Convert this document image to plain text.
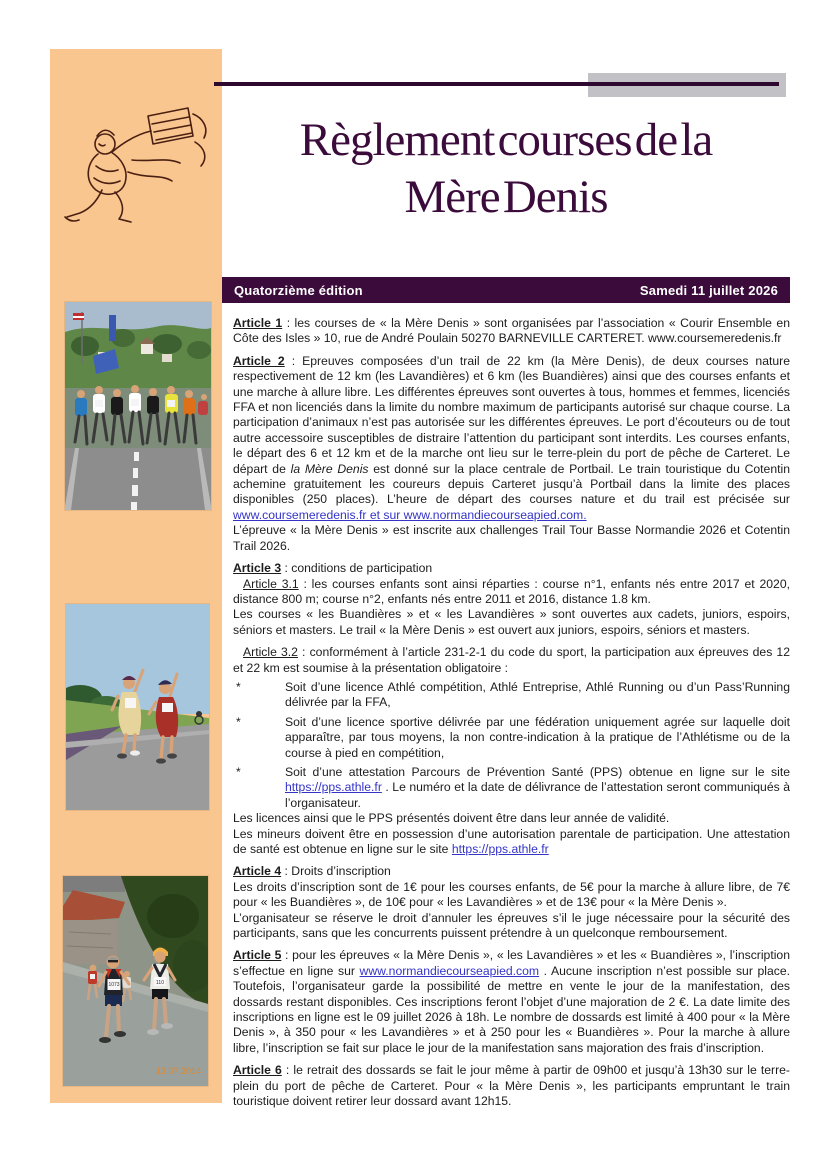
1073	110
13.07.2014
Règlement courses de la
Mère Denis
Quatorzième édition	Samedi 11 juillet 2026

Article 1 : les courses de « la Mère Denis » sont organisées par l’association « Courir Ensemble en Côte des Isles » 10, rue de André Poulain 50270 BARNEVILLE CARTERET. www.coursemeredenis.fr

Article 2 : Epreuves composées d’un trail de 22 km (la Mère Denis), de deux courses nature respectivement de 12 km (les Lavandières) et 6 km (les Buandières) ainsi que des courses enfants et une marche à allure libre. Les différentes épreuves sont ouvertes à tous, hommes et femmes, licenciés FFA et non licenciés dans la limite du nombre maximum de participants autorisé sur chaque course. La participation d’animaux n’est pas autorisée sur les différentes épreuves. Le port d’écouteurs ou de tout autre accessoire susceptibles de distraire l’attention du participant sont interdits. Les courses enfants, le départ des 6 et 12 km et de la marche ont lieu sur le terre-plein du port de pêche de Carteret. Le départ de la Mère Denis est donné sur la place centrale de Portbail. Le train touristique du Cotentin achemine gratuitement les coureurs depuis Carteret jusqu’à Portbail dans la limite des places disponibles (250 places). L’heure de départ des courses nature et du trail est précisée sur www.coursemeredenis.fr et sur www.normandiecourseapied.com.

L’épreuve « la Mère Denis » est inscrite aux challenges Trail Tour Basse Normandie 2026 et Cotentin Trail 2026.

Article 3 : conditions de participation

Article 3.1 : les courses enfants sont ainsi réparties : course n°1, enfants nés entre 2017 et 2020, distance 800 m; course n°2, enfants nés entre 2011 et 2016, distance 1.8 km.

Les courses « les Buandières » et « les Lavandières » sont ouvertes aux cadets, juniors, espoirs, séniors et masters. Le trail « la Mère Denis » est ouvert aux juniors, espoirs, séniors et masters.

Article 3.2 : conformément à l’article 231-2-1 du code du sport, la participation aux épreuves des 12 et 22 km est soumise à la présentation obligatoire :

*	Soit d’une licence Athlé compétition, Athlé Entreprise, Athlé Running ou d’un Pass’Running délivrée par la FFA,
*	Soit d’une licence sportive délivrée par une fédération uniquement agrée sur laquelle doit apparaître, par tous moyens, la non contre-indication à la pratique de l’Athlétisme ou de la course à pied en compétition,
*	Soit d’une attestation Parcours de Prévention Santé (PPS) obtenue en ligne sur le site https://pps.athle.fr . Le numéro et la date de délivrance de l’attestation seront communiqués à l’organisateur.

Les licences ainsi que le PPS présentés doivent être dans leur année de validité.

Les mineurs doivent être en possession d’une autorisation parentale de participation. Une attestation de santé est obtenue en ligne sur le site https://pps.athle.fr

Article 4 : Droits d’inscription

Les droits d’inscription sont de 1€ pour les courses enfants, de 5€ pour la marche à allure libre, de 7€ pour « les Buandières », de 10€ pour « les Lavandières » et de 13€ pour « la Mère Denis ».

L’organisateur se réserve le droit d’annuler les épreuves s’il le juge nécessaire pour la sécurité des participants, sans que les concurrents puissent prétendre à un quelconque remboursement.

Article 5 : pour les épreuves « la Mère Denis », « les Lavandières » et les « Buandières », l’inscription s’effectue en ligne sur www.normandiecourseapied.com . Aucune inscription n’est possible sur place. Toutefois, l’organisateur garde la possibilité de mettre en vente le jour de la manifestation, des dossards restant disponibles. Ces inscriptions feront l’objet d’une majoration de 2 €. La date limite des inscriptions en ligne est le 09 juillet 2026 à 18h. Le nombre de dossards est limité à 400 pour « la Mère Denis », à 350 pour « les Lavandières » et à 250 pour les « Buandières ». Pour la marche à allure libre, l’inscription se fait sur place le jour de la manifestation sans majoration des frais d’inscription.

Article 6 : le retrait des dossards se fait le jour même à partir de 09h00 et jusqu’à 13h30 sur le terre-plein du port de pêche de Carteret. Pour « la Mère Denis », les participants empruntant le train touristique doivent retirer leur dossard avant 12h15.
